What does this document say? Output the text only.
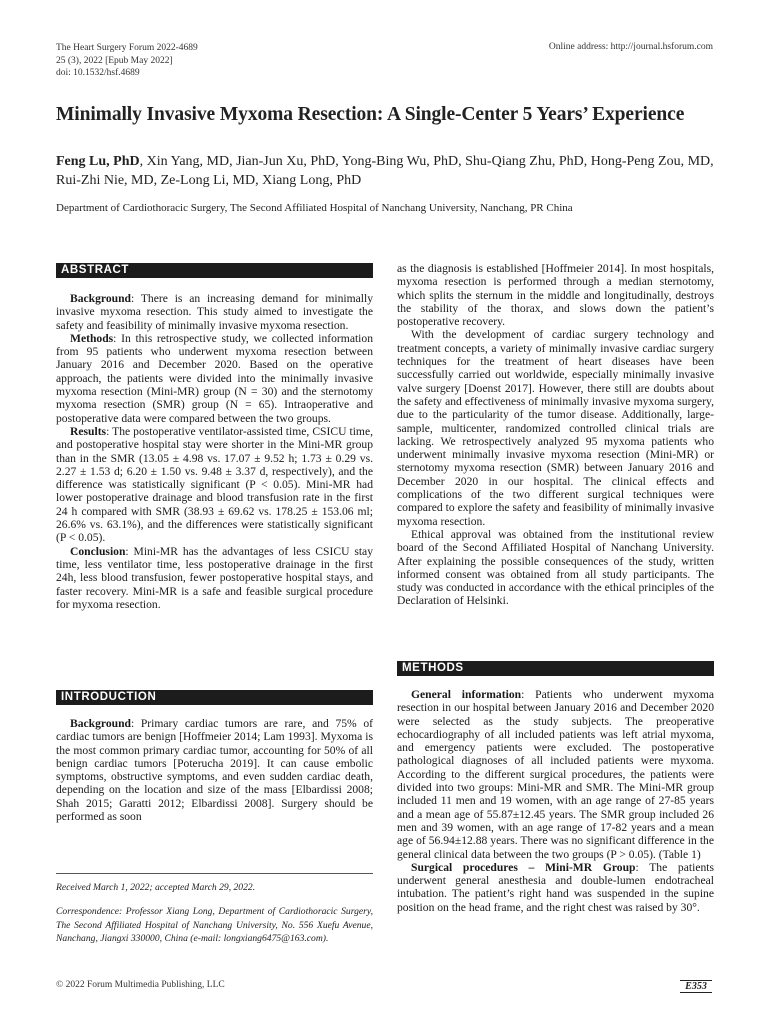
The Heart Surgery Forum 2022-4689
25 (3), 2022 [Epub May 2022]
doi: 10.1532/hsf.4689
Online address: http://journal.hsforum.com
Minimally Invasive Myxoma Resection: A Single-Center 5 Years’ Experience
Feng Lu, PhD, Xin Yang, MD, Jian-Jun Xu, PhD, Yong-Bing Wu, PhD, Shu-Qiang Zhu, PhD, Hong-Peng Zou, MD, Rui-Zhi Nie, MD, Ze-Long Li, MD, Xiang Long, PhD
Department of Cardiothoracic Surgery, The Second Affiliated Hospital of Nanchang University, Nanchang, PR China
ABSTRACT

Background: There is an increasing demand for minimally invasive myxoma resection. This study aimed to investigate the safety and feasibility of minimally invasive myxoma resection.

Methods: In this retrospective study, we collected information from 95 patients who underwent myxoma resection between January 2016 and December 2020. Based on the operative approach, the patients were divided into the minimally invasive myxoma resection (Mini-MR) group (N = 30) and the sternotomy myxoma resection (SMR) group (N = 65). Intraoperative and postoperative data were compared between the two groups.

Results: The postoperative ventilator-assisted time, CSICU time, and postoperative hospital stay were shorter in the Mini-MR group than in the SMR (13.05 ± 4.98 vs. 17.07 ± 9.52 h; 1.73 ± 0.29 vs. 2.27 ± 1.53 d; 6.20 ± 1.50 vs. 9.48 ± 3.37 d, respectively), and the difference was statistically significant (P < 0.05). Mini-MR had lower postoperative drainage and blood transfusion rate in the first 24 h compared with SMR (38.93 ± 69.62 vs. 178.25 ± 153.06 ml; 26.6% vs. 63.1%), and the differences were statistically significant (P < 0.05).

Conclusion: Mini-MR has the advantages of less CSICU stay time, less ventilator time, less postoperative drainage in the first 24h, less blood transfusion, fewer postoperative hospital stays, and faster recovery. Mini-MR is a safe and feasible surgical procedure for myxoma resection.

INTRODUCTION

Background: Primary cardiac tumors are rare, and 75% of cardiac tumors are benign [Hoffmeier 2014; Lam 1993]. Myxoma is the most common primary cardiac tumor, accounting for 50% of all benign cardiac tumors [Poterucha 2019]. It can cause embolic symptoms, obstructive symptoms, and even sudden cardiac death, depending on the location and size of the mass [Elbardissi 2008; Shah 2015; Garatti 2012; Elbardissi 2008]. Surgery should be performed as soon

Received March 1, 2022; accepted March 29, 2022.
Correspondence: Professor Xiang Long, Department of Cardiothoracic Surgery, The Second Affiliated Hospital of Nanchang University, No. 556 Xuefu Avenue, Nanchang, Jiangxi 330000, China (e-mail: longxiang6475@163.com).

as the diagnosis is established [Hoffmeier 2014]. In most hospitals, myxoma resection is performed through a median sternotomy, which splits the sternum in the middle and longitudinally, destroys the stability of the thorax, and slows down the patient’s postoperative recovery.

With the development of cardiac surgery technology and treatment concepts, a variety of minimally invasive cardiac surgery techniques for the treatment of heart diseases have been successfully carried out worldwide, especially minimally invasive valve surgery [Doenst 2017]. However, there still are doubts about the safety and effectiveness of minimally invasive myxoma surgery, due to the particularity of the tumor disease. Additionally, large-sample, multicenter, randomized controlled clinical trials are lacking. We retrospectively analyzed 95 myxoma patients who underwent minimally invasive myxoma resection (Mini-MR) or sternotomy myxoma resection (SMR) between January 2016 and December 2020 in our hospital. The clinical effects and complications of the two different surgical techniques were compared to explore the safety and feasibility of minimally invasive myxoma resection.

Ethical approval was obtained from the institutional review board of the Second Affiliated Hospital of Nanchang University. After explaining the possible consequences of the study, written informed consent was obtained from all study participants. The study was conducted in accordance with the ethical principles of the Declaration of Helsinki.

METHODS

General information: Patients who underwent myxoma resection in our hospital between January 2016 and December 2020 were selected as the study subjects. The preoperative echocardiography of all included patients was left atrial myxoma, and emergency patients were excluded. The postoperative pathological diagnoses of all included patients were myxoma. According to the different surgical procedures, the patients were divided into two groups: Mini-MR and SMR. The Mini-MR group included 11 men and 19 women, with an age range of 27-85 years and a mean age of 55.87±12.45 years. The SMR group included 26 men and 39 women, with an age range of 17-82 years and a mean age of 56.94±12.88 years. There was no significant difference in the general clinical data between the two groups (P > 0.05). (Table 1)

Surgical procedures – Mini-MR Group: The patients underwent general anesthesia and double-lumen endotracheal intubation. The patient’s right hand was suspended in the supine position on the head frame, and the right chest was raised by 30°.

© 2022 Forum Multimedia Publishing, LLC	E353
